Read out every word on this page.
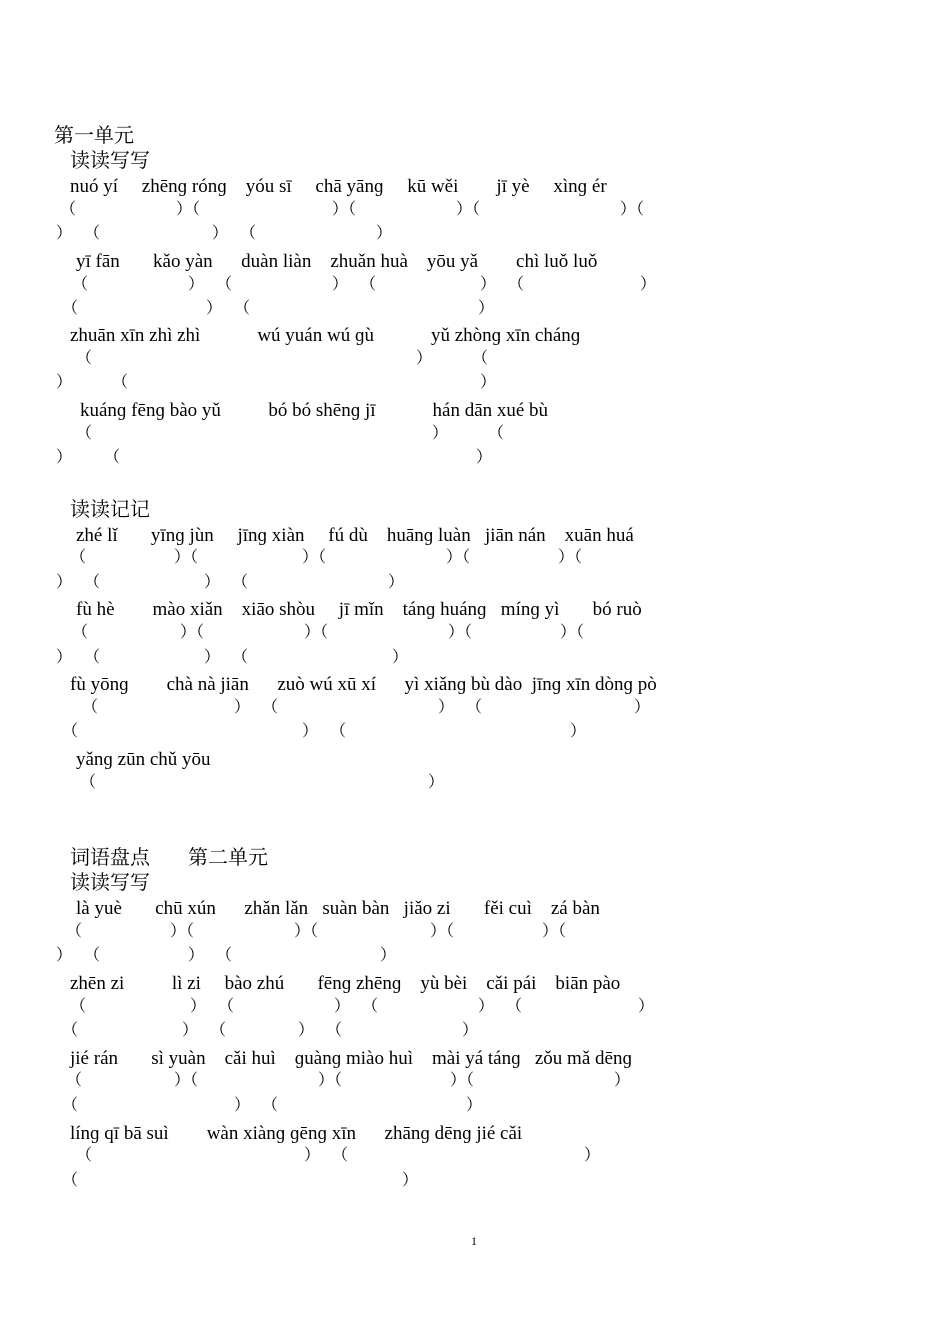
第一单元
读读写写
nuó yí     zhēnɡ rónɡ    yóu sī     chā yānɡ     kū wěi        jī yè     xìnɡ ér
（                         ）（                                 ）（                         ）（                                   ）（
）   （                            ）   （                              ）
yī fān       kǎo yàn      duàn liàn    zhuǎn huà    yōu yǎ        chì luǒ luǒ
（                         ）   （                         ）   （                          ）   （                             ）
（                                ）   （                                                         ）
zhuān xīn zhì zhì            wú yuán wú ɡù            yǔ zhònɡ xīn chánɡ
（                                                                                 ）          （
）          （                                                                                        ）
kuánɡ fēnɡ bào yǔ          bó bó shēnɡ jī            hán dān xué bù
（                                                                                     ）          （
）        （                                                                                         ）
读读记记
zhé lǐ       yīnɡ jùn     jīnɡ xiàn     fú dù    huānɡ luàn   jiān nán    xuān huá
（                      ）（                          ）（                              ）（                      ）（
）   （                          ）   （                                   ）
fù hè        mào xiǎn    xiāo shòu     jī mǐn    tánɡ huánɡ   mínɡ yì       bó ruò
（                       ）（                         ）（                              ）（                      ）（
）   （                          ）   （                                    ）
fù yōnɡ        chà nà jiān      zuò wú xū xí      yì xiǎnɡ bù dào  jīnɡ xīn dònɡ pò
（                                  ）   （                                        ）   （                                      ）
（                                                        ）   （                                                        ）
yǎnɡ zūn chǔ yōu
（                                                                                   ）
词语盘点 第二单元
读读写写
là yuè       chū xún      zhǎn lǎn   suàn bàn   jiǎo zi       fěi cuì    zá bàn
（                      ）（                         ）（                            ）（                      ）（
）   （                      ）   （                                     ）
zhēn zi          lì zi     bào zhú       fēnɡ zhēnɡ    yù bèi    cǎi pái    biān pào
（                          ）   （                         ）   （                         ）   （                             ）
（                          ）   （                  ）   （                              ）
jié rán       sì yuàn    cǎi huì    ɡuànɡ miào huì    mài yá tánɡ   zǒu mǎ dēnɡ
（                       ）（                              ）（                           ）（                                   ）
（                                       ）   （                                               ）
línɡ qī bā suì        wàn xiànɡ ɡēnɡ xīn      zhānɡ dēnɡ jié cǎi
（                                                     ）   （                                                           ）
（                                                                                 ）
1
